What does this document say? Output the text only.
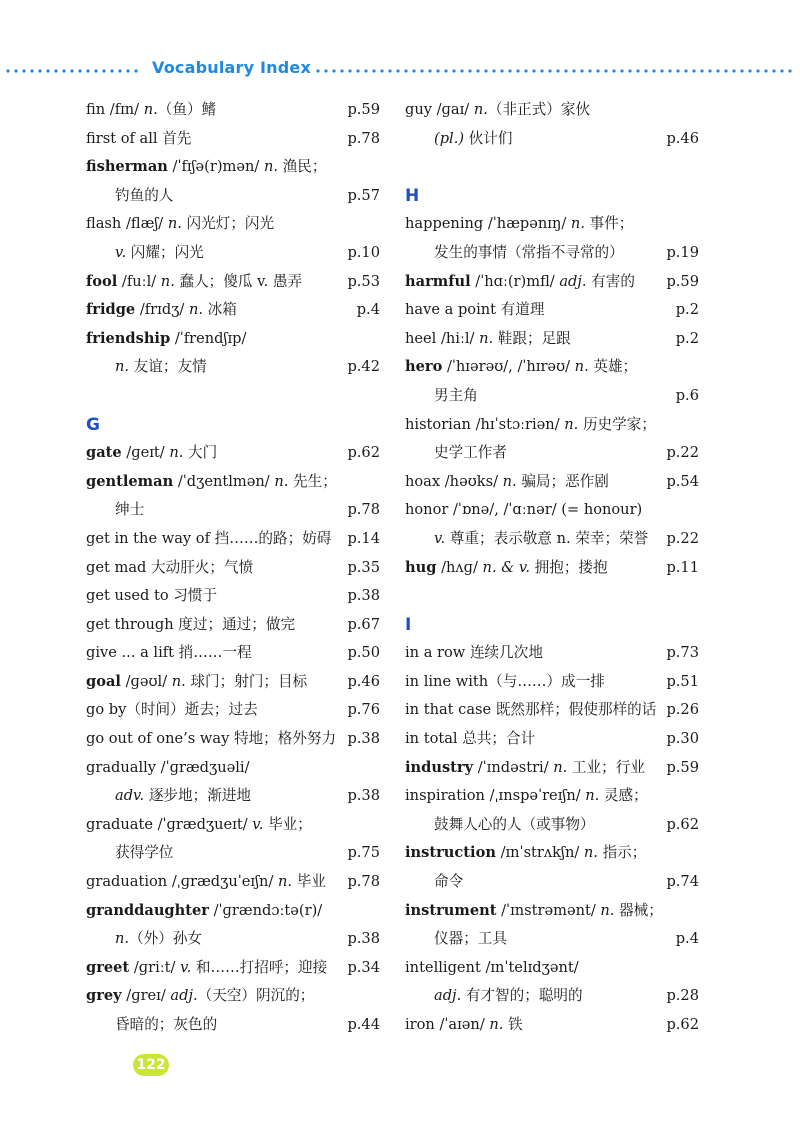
Vocabulary Index
fin /fɪn/ n.（鱼）鳍	p.59
first of all 首先	p.78
fisherman /ˈfɪʃə(r)mən/ n. 渔民；
钓鱼的人	p.57
flash /flæʃ/ n. 闪光灯；闪光
v. 闪耀；闪光	p.10
fool /fuːl/ n. 蠢人；傻瓜 v. 愚弄	p.53
fridge /frɪdʒ/ n. 冰箱	p.4
friendship /ˈfrendʃɪp/
n. 友谊；友情	p.42
G
gate /ɡeɪt/ n. 大门	p.62
gentleman /ˈdʒentlmən/ n. 先生；
绅士	p.78
get in the way of 挡……的路；妨碍 p.14
get mad 大动肝火；气愤	p.35
get used to 习惯于	p.38
get through 度过；通过；做完	p.67
give ... a lift 捎……一程	p.50
goal /ɡəʊl/ n. 球门；射门；目标	p.46
go by（时间）逝去；过去	p.76
go out of one’s way 特地；格外努力 p.38
gradually /ˈɡrædʒuəli/
adv. 逐步地；渐进地	p.38
graduate /ˈɡrædʒueɪt/ v. 毕业；
获得学位	p.75
graduation /ˌɡrædʒuˈeɪʃn/ n. 毕业 p.78
granddaughter /ˈɡrændɔːtə(r)/
n.（外）孙女	p.38
greet /ɡriːt/ v. 和……打招呼；迎接 p.34
grey /ɡreɪ/ adj.（天空）阴沉的；
昏暗的；灰色的	p.44
guy /ɡaɪ/ n.（非正式）家伙
(pl.) 伙计们	p.46
H
happening /ˈhæpənɪŋ/ n. 事件；
发生的事情（常指不寻常的）	p.19
harmful /ˈhɑː(r)mfl/ adj. 有害的 p.59
have a point 有道理	p.2
heel /hiːl/ n. 鞋跟；足跟	p.2
hero /ˈhɪərəʊ/, /ˈhɪrəʊ/ n. 英雄；
男主角	p.6
historian /hɪˈstɔːriən/ n. 历史学家；
史学工作者	p.22
hoax /həʊks/ n. 骗局；恶作剧	p.54
honor /ˈɒnə/, /ˈɑːnər/ (= honour)
v. 尊重；表示敬意 n. 荣幸；荣誉 p.22
hug /hʌɡ/ n. & v. 拥抱；搂抱	p.11
I
in a row 连续几次地	p.73
in line with（与……）成一排	p.51
in that case 既然那样；假使那样的话 p.26
in total 总共；合计	p.30
industry /ˈɪndəstri/ n. 工业；行业 p.59
inspiration /ˌɪnspəˈreɪʃn/ n. 灵感；
鼓舞人心的人（或事物）	p.62
instruction /ɪnˈstrʌkʃn/ n. 指示；
命令	p.74
instrument /ˈɪnstrəmənt/ n. 器械；
仪器；工具	p.4
intelligent /ɪnˈtelɪdʒənt/
adj. 有才智的；聪明的	p.28
iron /ˈaɪən/ n. 铁	p.62
122
